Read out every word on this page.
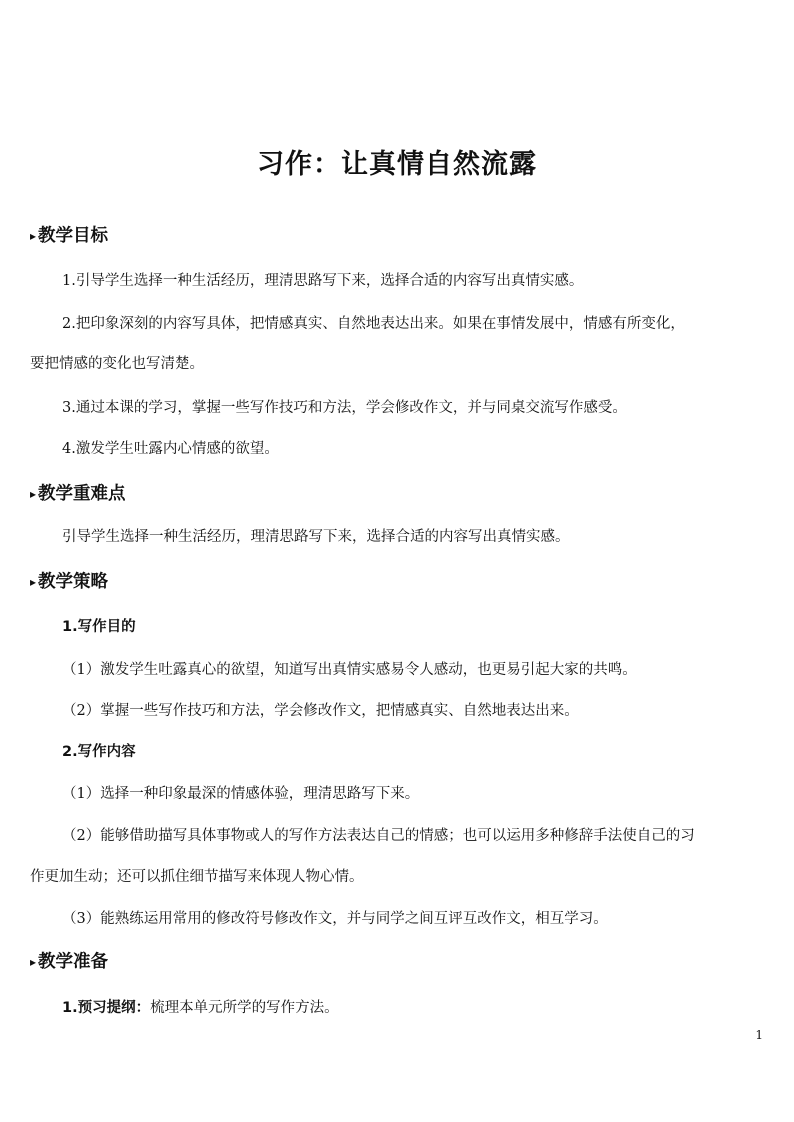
习作：让真情自然流露
▸ 教学目标
1.引导学生选择一种生活经历，理清思路写下来，选择合适的内容写出真情实感。
2.把印象深刻的内容写具体，把情感真实、自然地表达出来。如果在事情发展中，情感有所变化，
要把情感的变化也写清楚。
3.通过本课的学习，掌握一些写作技巧和方法，学会修改作文，并与同桌交流写作感受。
4.激发学生吐露内心情感的欲望。
▸ 教学重难点
引导学生选择一种生活经历，理清思路写下来，选择合适的内容写出真情实感。
▸ 教学策略
1.写作目的
（1）激发学生吐露真心的欲望，知道写出真情实感易令人感动，也更易引起大家的共鸣。
（2）掌握一些写作技巧和方法，学会修改作文，把情感真实、自然地表达出来。
2.写作内容
（1）选择一种印象最深的情感体验，理清思路写下来。
（2）能够借助描写具体事物或人的写作方法表达自己的情感；也可以运用多种修辞手法使自己的习
作更加生动；还可以抓住细节描写来体现人物心情。
（3）能熟练运用常用的修改符号修改作文，并与同学之间互评互改作文，相互学习。
▸ 教学准备
1.预习提纲：梳理本单元所学的写作方法。
1
